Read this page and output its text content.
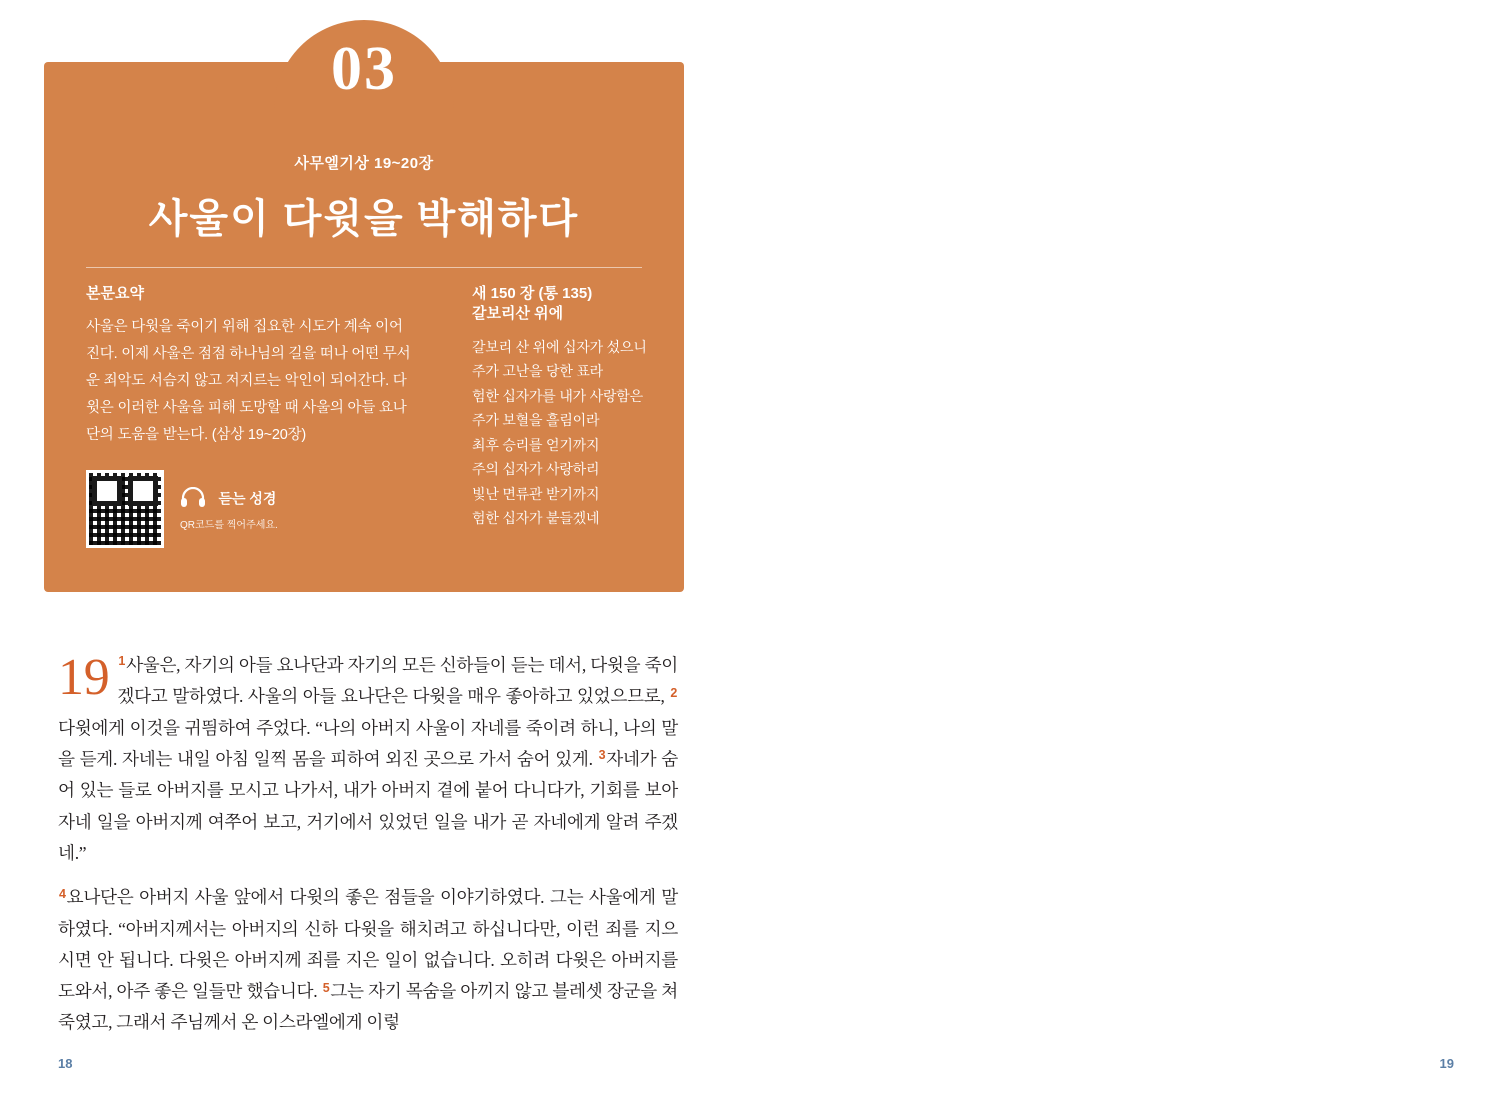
03
사무엘기상 19~20장
사울이 다윗을 박해하다
본문요약
사울은 다윗을 죽이기 위해 집요한 시도가 계속 이어진다. 이제 사울은 점점 하나님의 길을 떠나 어떤 무서운 죄악도 서슴지 않고 저지르는 악인이 되어간다. 다윗은 이러한 사울을 피해 도망할 때 사울의 아들 요나단의 도움을 받는다. (삼상 19~20장)
새 150 장 (통 135)
갈보리산 위에
갈보리 산 위에 십자가 섰으니
주가 고난을 당한 표라
험한 십자가를 내가 사랑함은
주가 보혈을 흘림이라
최후 승리를 얻기까지
주의 십자가 사랑하리
빛난 면류관 받기까지
험한 십자가 붙들겠네
듣는 성경
QR코드를 찍어주세요.

19 $^1$사울은, 자기의 아들 요나단과 자기의 모든 신하들이 듣는 데서, 다윗을 죽이겠다고 말하였다. 사울의 아들 요나단은 다윗을 매우 좋아하고 있었으므로, $^2$다윗에게 이것을 귀띔하여 주었다. “나의 아버지 사울이 자네를 죽이려 하니, 나의 말을 듣게. 자네는 내일 아침 일찍 몸을 피하여 외진 곳으로 가서 숨어 있게. $^3$자네가 숨어 있는 들로 아버지를 모시고 나가서, 내가 아버지 곁에 붙어 다니다가, 기회를 보아 자네 일을 아버지께 여쭈어 보고, 거기에서 있었던 일을 내가 곧 자네에게 알려 주겠네.”

$^4$요나단은 아버지 사울 앞에서 다윗의 좋은 점들을 이야기하였다. 그는 사울에게 말하였다. “아버지께서는 아버지의 신하 다윗을 해치려고 하십니다만, 이런 죄를 지으시면 안 됩니다. 다윗은 아버지께 죄를 지은 일이 없습니다. 오히려 다윗은 아버지를 도와서, 아주 좋은 일들만 했습니다. $^5$그는 자기 목숨을 아끼지 않고 블레셋 장군을 쳐죽였고, 그래서 주님께서 온 이스라엘에게 이렇

18	19
